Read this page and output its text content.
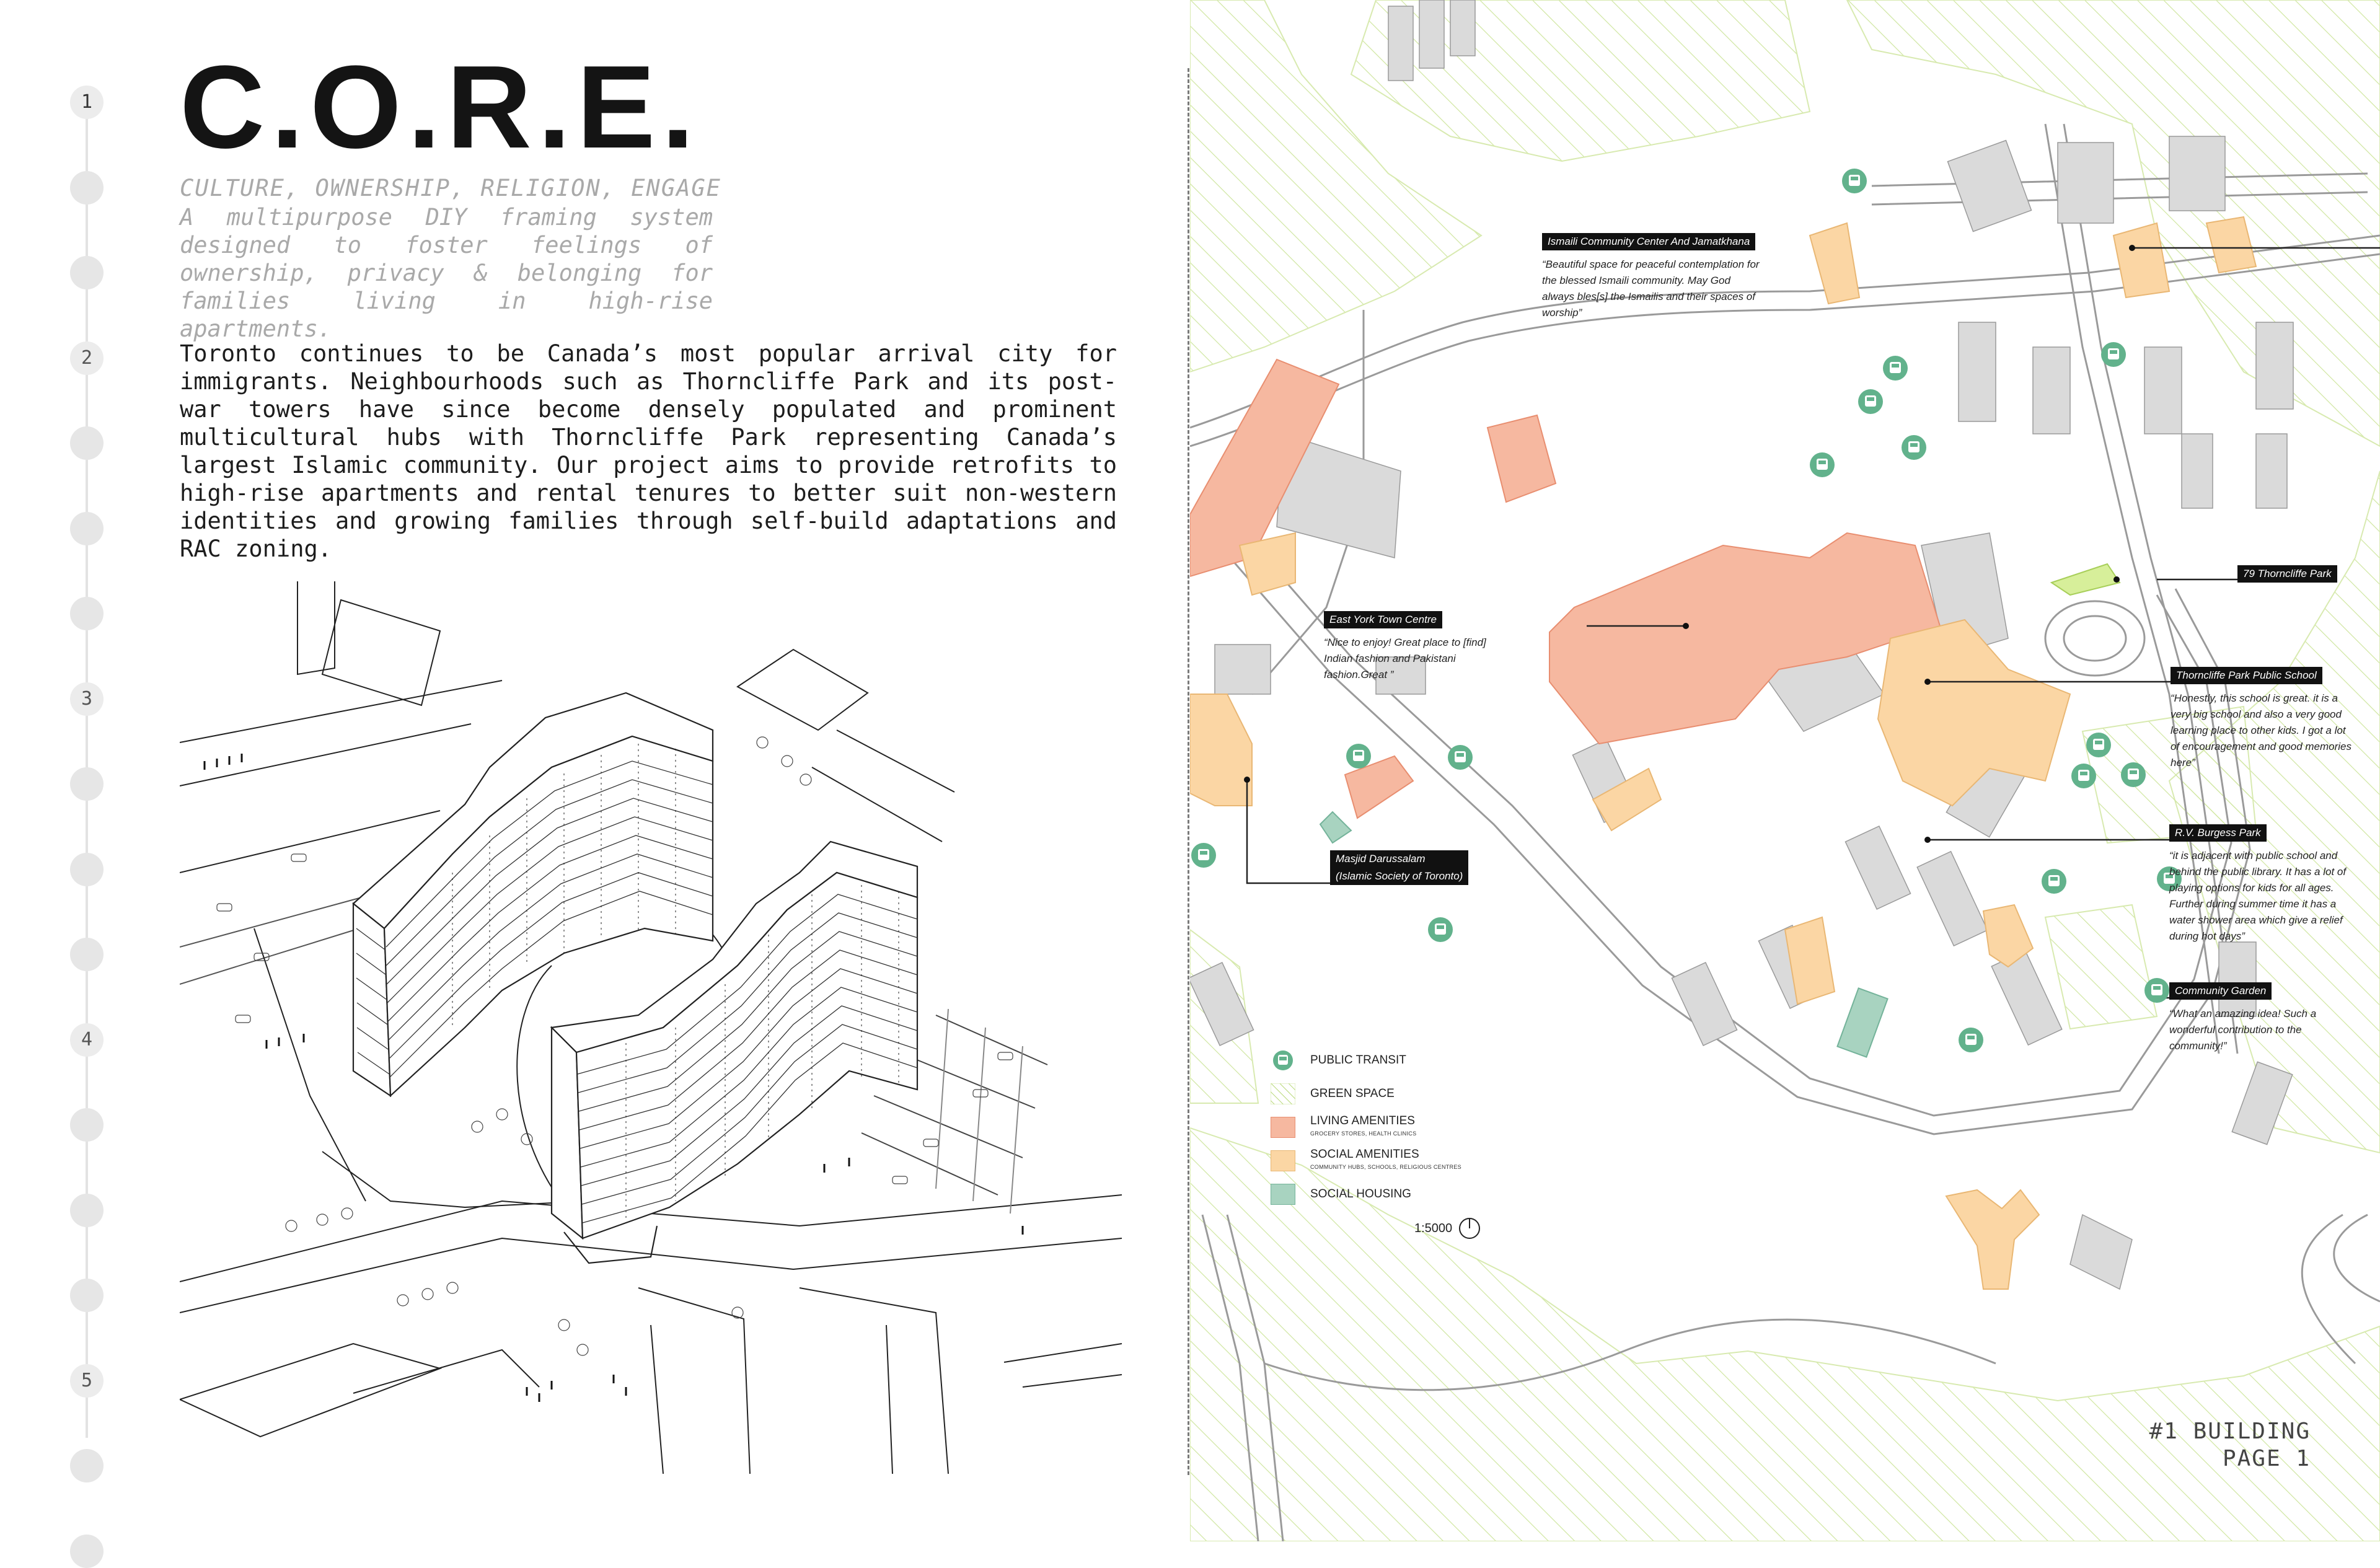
1
2
3
4
5
C.O.R.E.
CULTURE, OWNERSHIP, RELIGION, ENGAGE
A multipurpose DIY framing system designed to foster feelings of ownership, privacy & belonging for families living in high-rise apartments.
Toronto continues to be Canada’s most popular arrival city for immigrants. Neighbourhoods such as Thorncliffe Park and its post-war towers have since become densely populated and prominent multicultural hubs with Thorncliffe Park representing Canada’s largest Islamic community. Our project aims to provide retrofits to high-rise apartments and rental tenures to better suit non-western identities and growing families through self-build adaptations and RAC zoning.
Ismaili Community Center And Jamatkhana
“Beautiful space for peaceful contemplation for the blessed Ismaili community. May God always bles[s] the Ismailis and their spaces of worship”
79 Thorncliffe Park
East York Town Centre
“Nice to enjoy! Great place to [find] Indian fashion and Pakistani fashion.Great ”	Thorncliffe Park Public School
“Honestly, this school is great. it is a very big school and also a very good learning place to other kids. I got a lot of encouragement and good memories here”
R.V. Burgess Park
“it is adjacent with public school and behind the public library. It has a lot of playing options for kids for all ages. Further during summer time it has a water shower area which give a relief during hot days”
Community Garden
“What an amazing idea! Such a wonderful contribution to the community!”
Masjid Darussalam
(Islamic Society of Toronto)
PUBLIC TRANSIT
GREEN SPACE
LIVING AMENITIES
GROCERY STORES, HEALTH CLINICS
SOCIAL AMENITIES
COMMUNITY HUBS, SCHOOLS, RELIGIOUS CENTRES
SOCIAL HOUSING
1:5000
#1 BUILDING
PAGE 1
